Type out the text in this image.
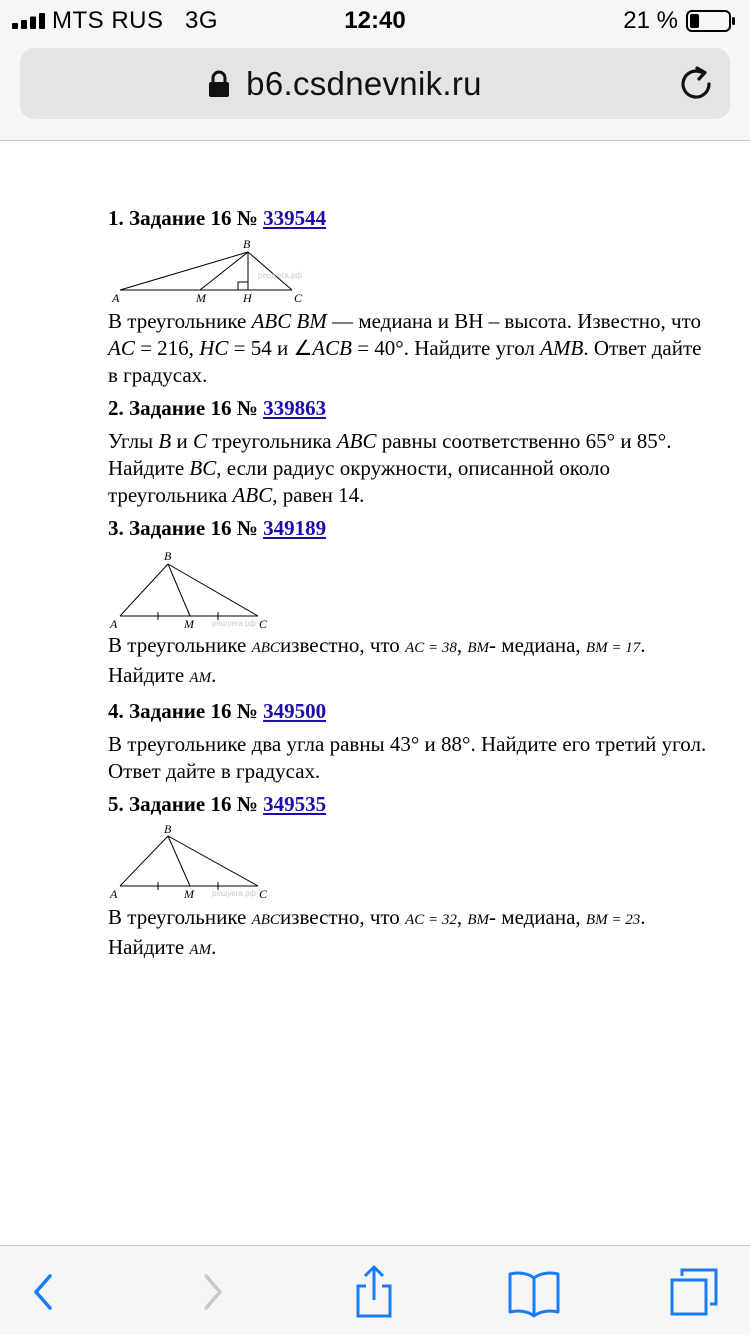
MTS RUS   3G	12:40	21 %
b6.csdnevnik.ru
1. Задание 16 № 339544
A	M	H	C
B
решуега.рф
В треугольнике ABC BM — медиана и BH – высота. Известно, что AC = 216, HC = 54 и ∠ACB = 40°. Найдите угол AMB. Ответ дайте в градусах.
2. Задание 16 № 339863
Углы B и C треугольника ABC равны соответственно 65° и 85°. Найдите BC, если радиус окружности, описанной около треугольника ABC, равен 14.
3. Задание 16 № 349189
A	M	C
B
решуега.рф
В треугольнике ABCизвестно, что AC = 38, BM- медиана, BM = 17. Найдите AM.
4. Задание 16 № 349500
В треугольнике два угла равны 43° и 88°. Найдите его третий угол. Ответ дайте в градусах.
5. Задание 16 № 349535
A	M	C
B
решуега.рф
В треугольнике ABCизвестно, что AC = 32, BM- медиана, BM = 23. Найдите AM.
